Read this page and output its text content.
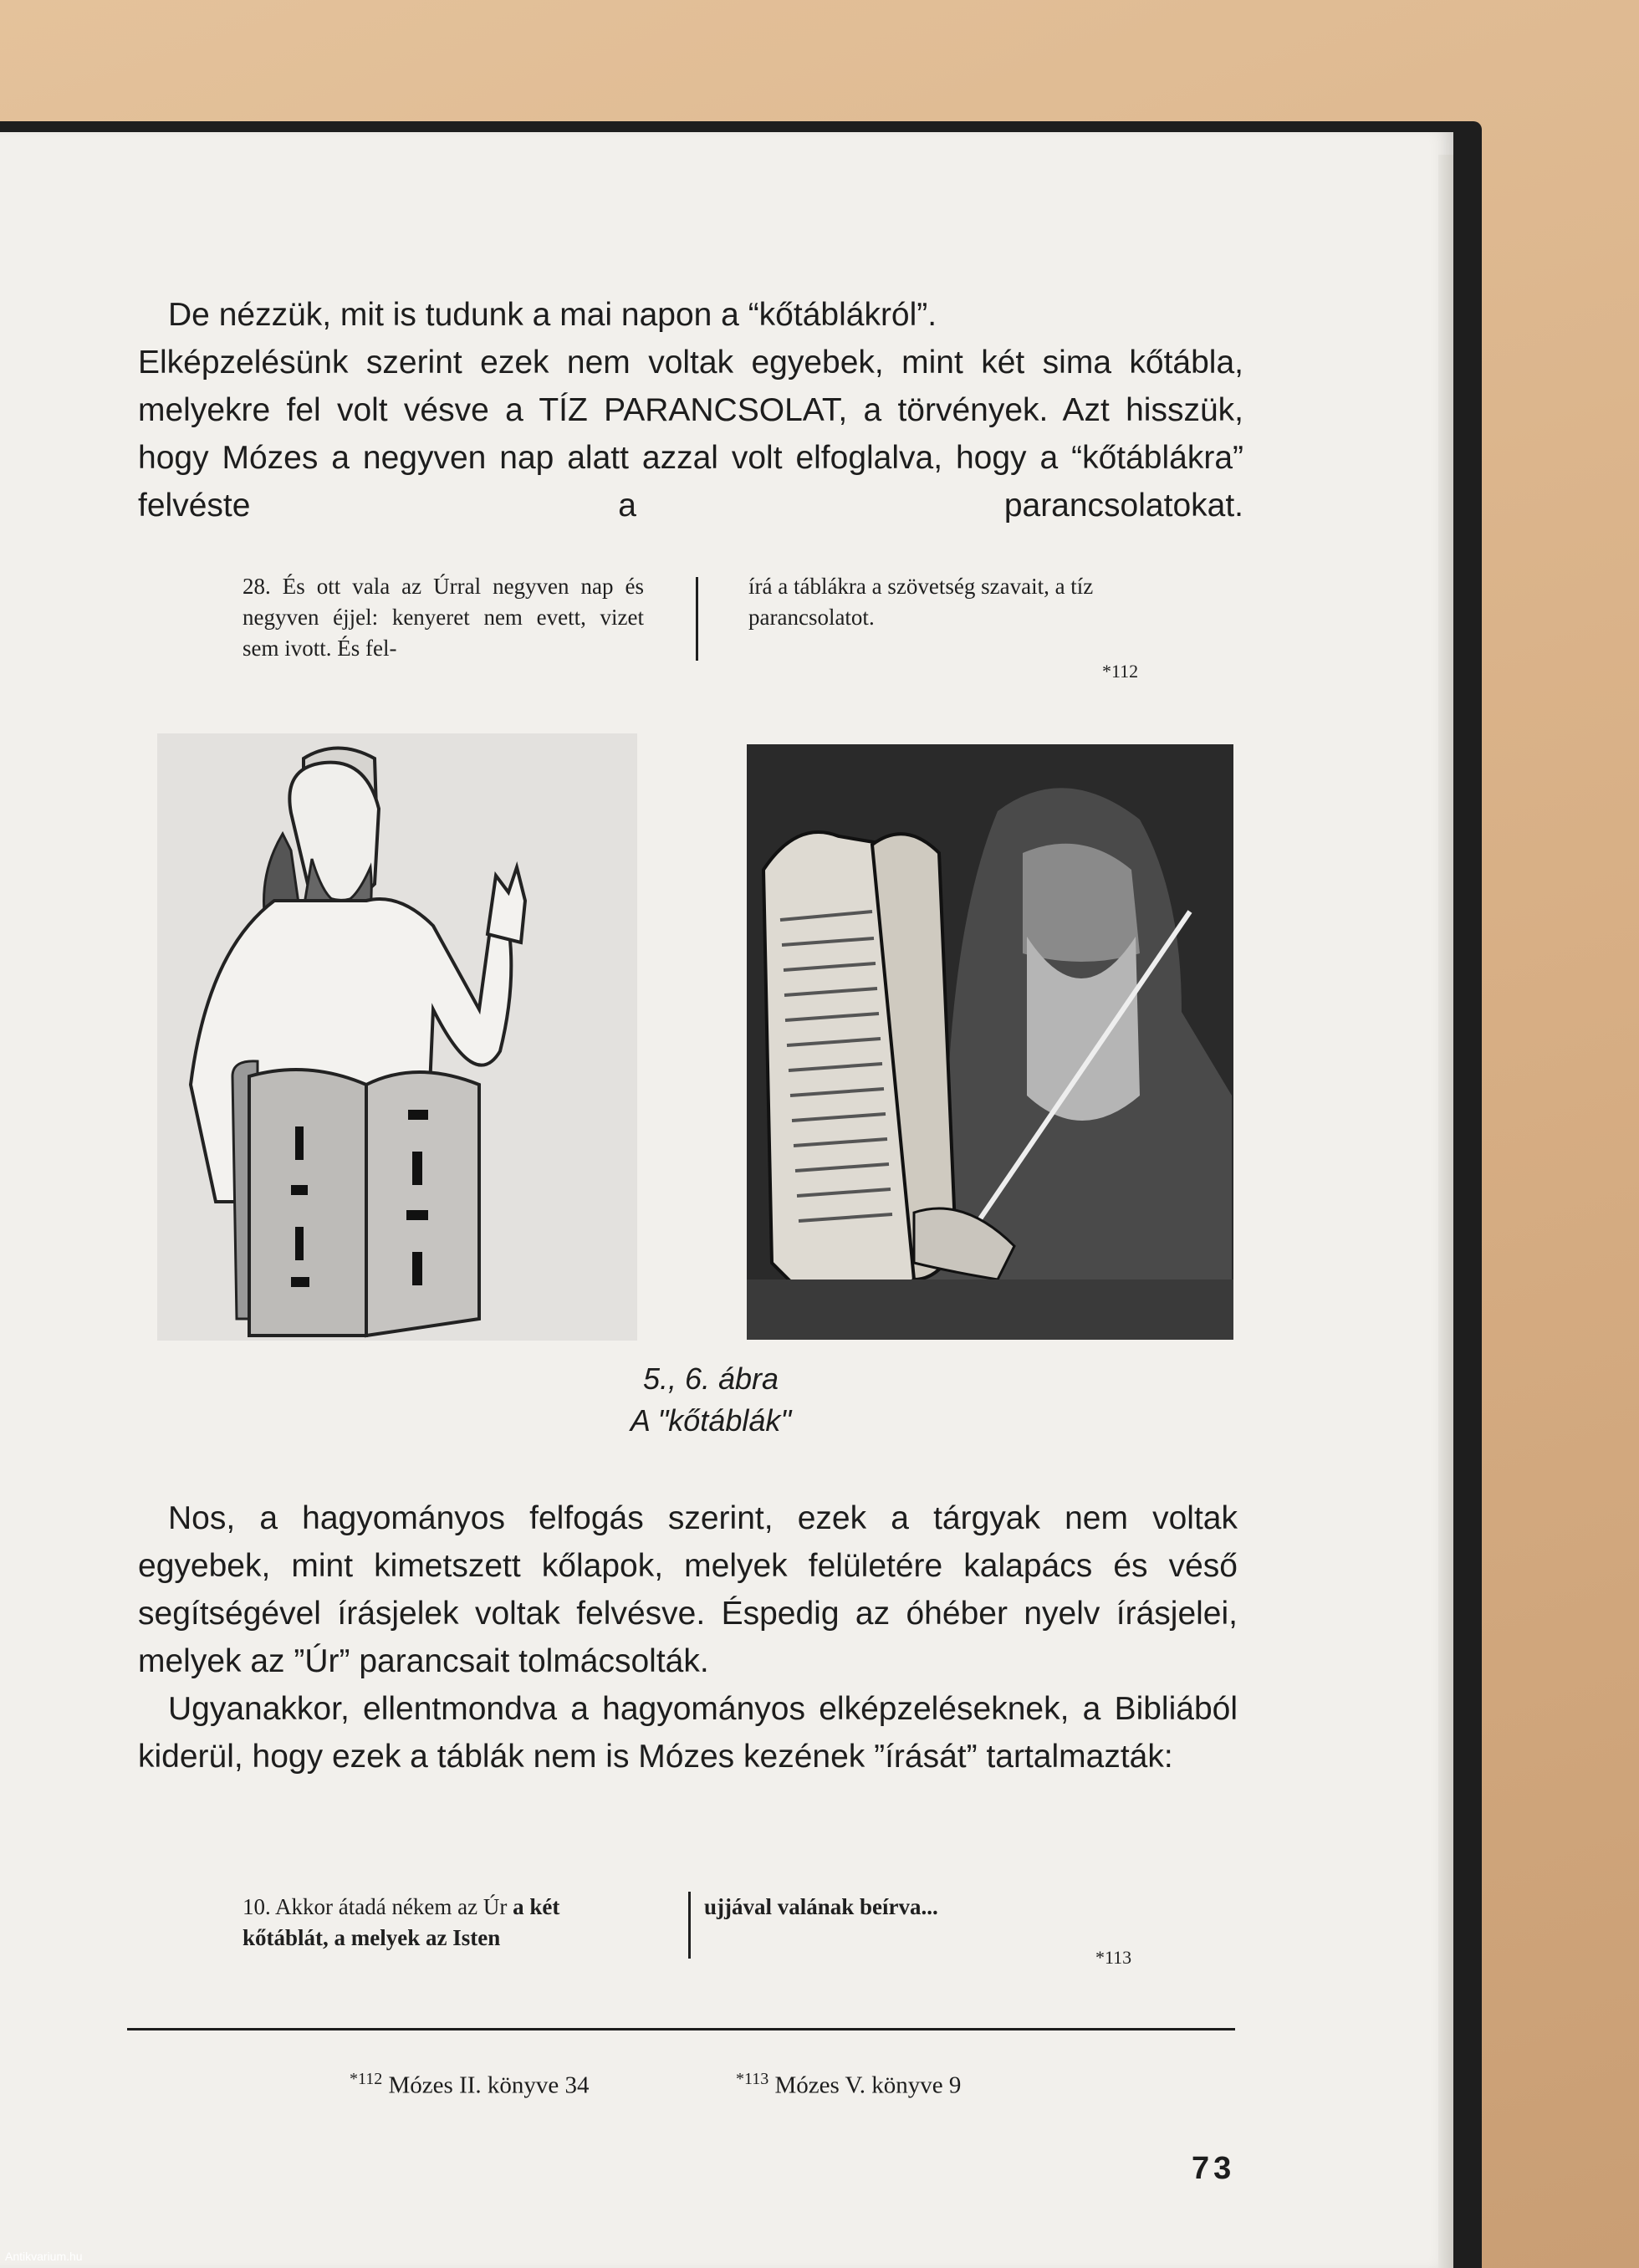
De nézzük, mit is tudunk a mai napon a “kőtáblákról”.

Elképzelésünk szerint ezek nem voltak egyebek, mint két sima kőtábla, melyekre fel volt vésve a TÍZ PARANCSOLAT, a törvények. Azt hisszük, hogy Mózes a negyven nap alatt azzal volt elfoglalva, hogy a “kőtáblákra” felvéste a parancsolatokat.

28. És ott vala az Úrral negyven nap és negyven éjjel: kenyeret nem evett, vizet sem ivott. És fel-
írá a táblákra a szövetség szavait, a tíz parancsolatot.
*112
5., 6. ábra
A "kőtáblák"

Nos, a hagyományos felfogás szerint, ezek a tárgyak nem voltak egyebek, mint kimetszett kőlapok, melyek felületére kalapács és véső segítségével írásjelek voltak felvésve. Éspedig az óhéber nyelv írásjelei, melyek az ”Úr” parancsait tolmácsolták.

Ugyanakkor, ellentmondva a hagyományos elképzeléseknek, a Bibliából kiderül, hogy ezek a táblák nem is Mózes kezének ”írását” tartalmazták:

10. Akkor átadá nékem az Úr a két kőtáblát, a melyek az Isten
ujjával valának beírva...
*113
$^{*112}$ Mózes II. könyve 34	$^{*113}$ Mózes V. könyve 9
73
Antikvarium.hu
